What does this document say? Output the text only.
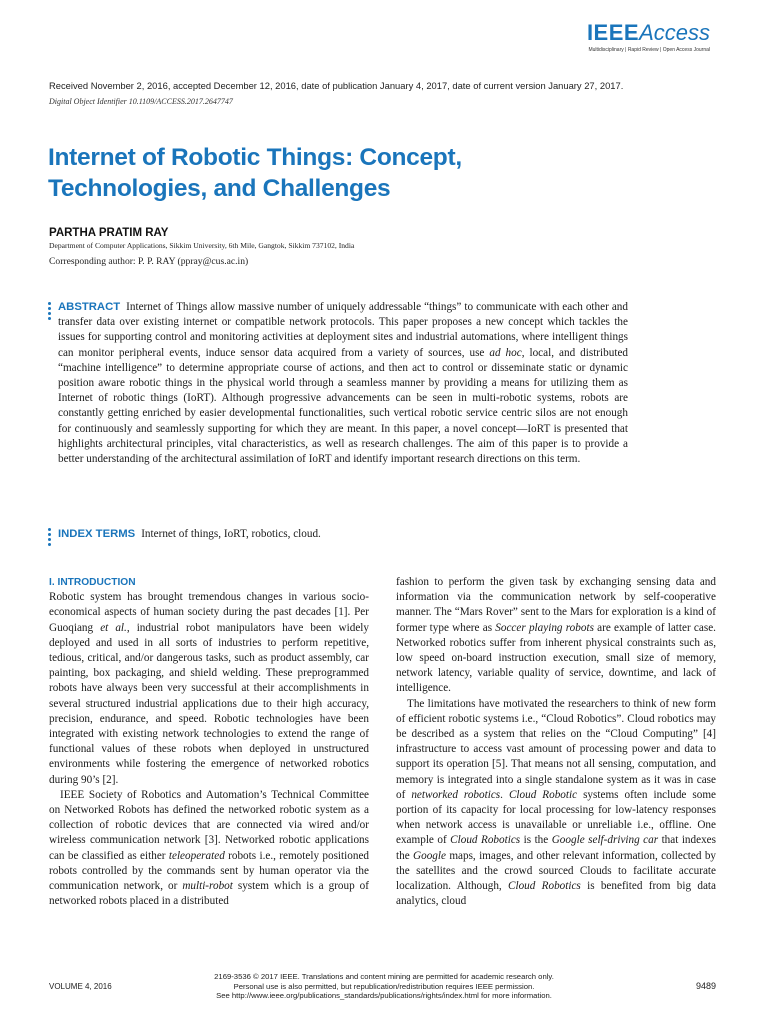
IEEEAccess
Multidisciplinary | Rapid Review | Open Access Journal
Received November 2, 2016, accepted December 12, 2016, date of publication January 4, 2017, date of current version January 27, 2017.
Digital Object Identifier 10.1109/ACCESS.2017.2647747
Internet of Robotic Things: Concept,
Technologies, and Challenges
PARTHA PRATIM RAY
Department of Computer Applications, Sikkim University, 6th Mile, Gangtok, Sikkim 737102, India
Corresponding author: P. P. RAY (ppray@cus.ac.in)
ABSTRACT Internet of Things allow massive number of uniquely addressable “things” to communicate with each other and transfer data over existing internet or compatible network protocols. This paper proposes a new concept which tackles the issues for supporting control and monitoring activities at deployment sites and industrial automations, where intelligent things can monitor peripheral events, induce sensor data acquired from a variety of sources, use ad hoc, local, and distributed “machine intelligence” to determine appropriate course of actions, and then act to control or disseminate static or dynamic position aware robotic things in the physical world through a seamless manner by providing a means for utilizing them as Internet of robotic things (IoRT). Although progressive advancements can be seen in multi-robotic systems, robots are constantly getting enriched by easier developmental functionalities, such vertical robotic service centric silos are not enough for continuously and seamlessly supporting for which they are meant. In this paper, a novel concept—IoRT is presented that highlights architectural principles, vital characteristics, as well as research challenges. The aim of this paper is to provide a better understanding of the architectural assimilation of IoRT and identify important research directions on this term.
INDEX TERMS Internet of things, IoRT, robotics, cloud.
I. INTRODUCTION

Robotic system has brought tremendous changes in various socio-economical aspects of human society during the past decades [1]. Per Guoqiang et al., industrial robot manipulators have been widely deployed and used in all sorts of industries to perform repetitive, tedious, critical, and/or dangerous tasks, such as product assembly, car painting, box packaging, and shield welding. These preprogrammed robots have always been very successful at their accomplishments in several structured industrial applications due to their high accuracy, precision, endurance, and speed. Robotic technologies have been integrated with existing network technologies to extend the range of functional values of these robots when deployed in unstructured environments while fostering the emergence of networked robotics during 90’s [2].

IEEE Society of Robotics and Automation’s Technical Committee on Networked Robots has defined the networked robotic system as a collection of robotic devices that are connected via wired and/or wireless communication network [3]. Networked robotic applications can be classified as either teleoperated robots i.e., remotely positioned robots controlled by the commands sent by human operator via the communication network, or multi-robot system which is a group of networked robots placed in a distributed

fashion to perform the given task by exchanging sensing data and information via the communication network by self-cooperative manner. The “Mars Rover” sent to the Mars for exploration is a kind of former type where as Soccer playing robots are example of latter case. Networked robotics suffer from inherent physical constraints such as, low speed on-board instruction execution, small size of memory, network latency, variable quality of service, downtime, and lack of intelligence.

The limitations have motivated the researchers to think of new form of efficient robotic systems i.e., “Cloud Robotics”. Cloud robotics may be described as a system that relies on the “Cloud Computing” [4] infrastructure to access vast amount of processing power and data to support its operation [5]. That means not all sensing, computation, and memory is integrated into a single standalone system as it was in case of networked robotics. Cloud Robotic systems often include some portion of its capacity for local processing for low-latency responses when network access is unavailable or unreliable i.e., offline. One example of Cloud Robotics is the Google self-driving car that indexes the Google maps, images, and other relevant information, collected by the satellites and the crowd sourced Clouds to facilitate accurate localization. Although, Cloud Robotics is benefited from big data analytics, cloud

VOLUME 4, 2016
2169-3536 © 2017 IEEE. Translations and content mining are permitted for academic research only.
Personal use is also permitted, but republication/redistribution requires IEEE permission.
See http://www.ieee.org/publications_standards/publications/rights/index.html for more information.
9489
